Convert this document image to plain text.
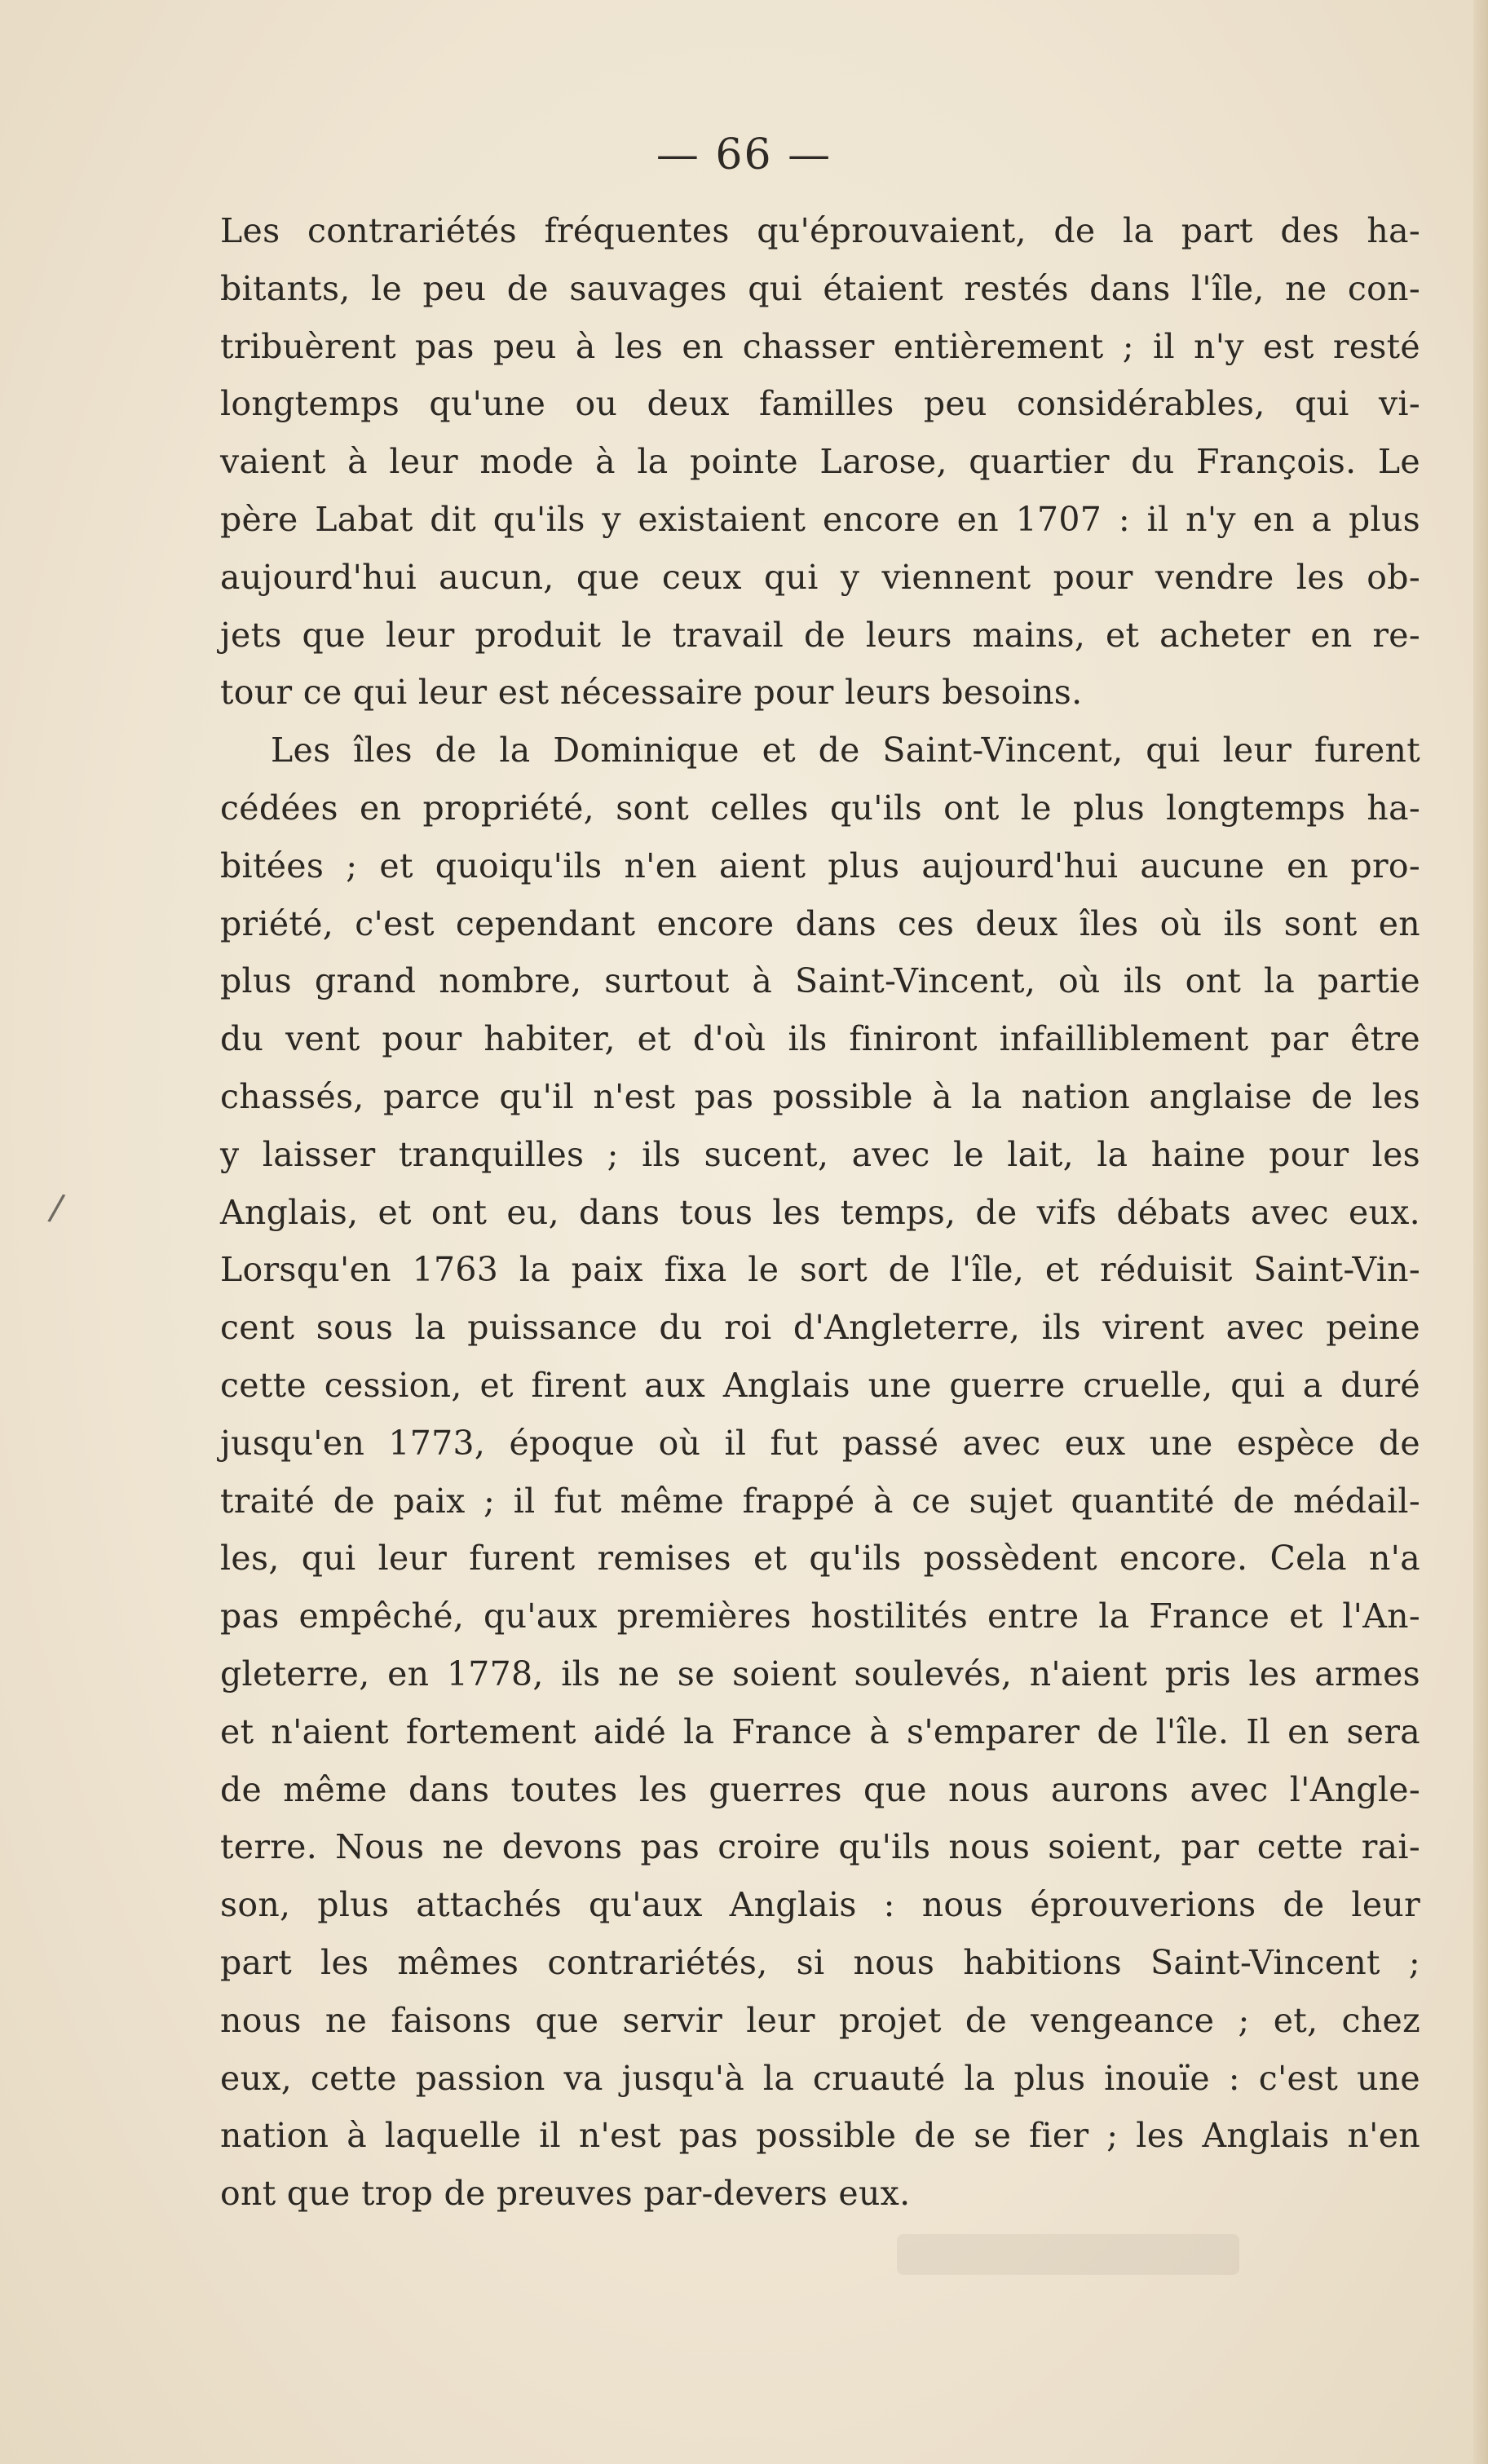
— 66 —
Les contrariétés fréquentes qu'éprouvaient, de la part des ha-
bitants, le peu de sauvages qui étaient restés dans l'île, ne con-
tribuèrent pas peu à les en chasser entièrement ; il n'y est resté
longtemps qu'une ou deux familles peu considérables, qui vi-
vaient à leur mode à la pointe Larose, quartier du François. Le
père Labat dit qu'ils y existaient encore en 1707 : il n'y en a plus
aujourd'hui aucun, que ceux qui y viennent pour vendre les ob-
jets que leur produit le travail de leurs mains, et acheter en re-
tour ce qui leur est nécessaire pour leurs besoins.
Les îles de la Dominique et de Saint-Vincent, qui leur furent
cédées en propriété, sont celles qu'ils ont le plus longtemps ha-
bitées ; et quoiqu'ils n'en aient plus aujourd'hui aucune en pro-
priété, c'est cependant encore dans ces deux îles où ils sont en
plus grand nombre, surtout à Saint-Vincent, où ils ont la partie
du vent pour habiter, et d'où ils finiront infailliblement par être
chassés, parce qu'il n'est pas possible à la nation anglaise de les
y laisser tranquilles ; ils sucent, avec le lait, la haine pour les
Anglais, et ont eu, dans tous les temps, de vifs débats avec eux.
Lorsqu'en 1763 la paix fixa le sort de l'île, et réduisit Saint-Vin-
cent sous la puissance du roi d'Angleterre, ils virent avec peine
cette cession, et firent aux Anglais une guerre cruelle, qui a duré
jusqu'en 1773, époque où il fut passé avec eux une espèce de
traité de paix ; il fut même frappé à ce sujet quantité de médail-
les, qui leur furent remises et qu'ils possèdent encore. Cela n'a
pas empêché, qu'aux premières hostilités entre la France et l'An-
gleterre, en 1778, ils ne se soient soulevés, n'aient pris les armes
et n'aient fortement aidé la France à s'emparer de l'île. Il en sera
de même dans toutes les guerres que nous aurons avec l'Angle-
terre. Nous ne devons pas croire qu'ils nous soient, par cette rai-
son, plus attachés qu'aux Anglais : nous éprouverions de leur
part les mêmes contrariétés, si nous habitions Saint-Vincent ;
nous ne faisons que servir leur projet de vengeance ; et, chez
eux, cette passion va jusqu'à la cruauté la plus inouïe : c'est une
nation à laquelle il n'est pas possible de se fier ; les Anglais n'en
ont que trop de preuves par-devers eux.
/
